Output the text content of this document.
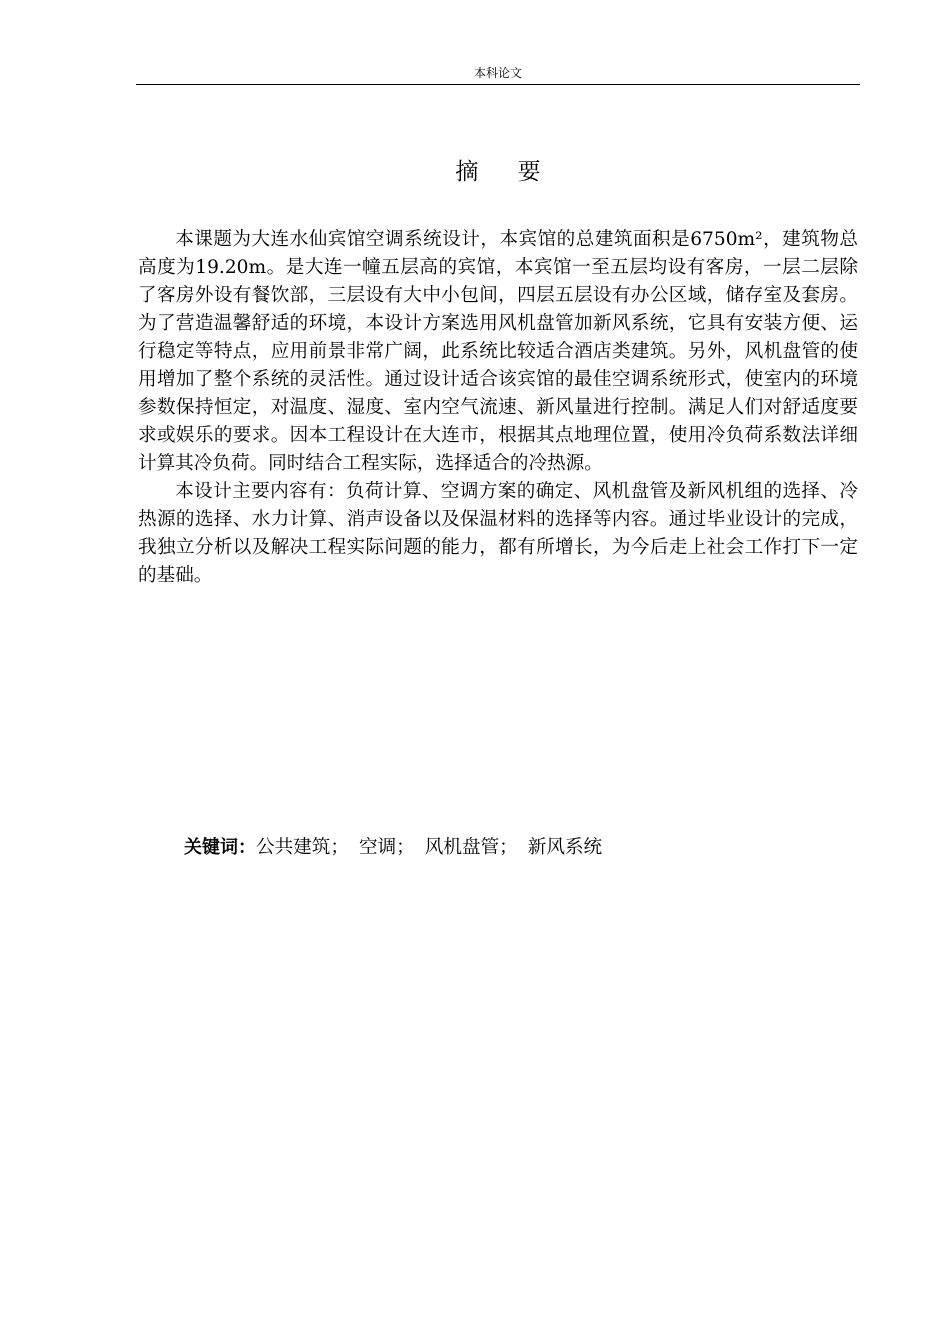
本科论文
摘 要

本课题为大连水仙宾馆空调系统设计，本宾馆的总建筑面积是6750m²，建筑物总高度为19.20m。是大连一幢五层高的宾馆，本宾馆一至五层均设有客房，一层二层除了客房外设有餐饮部，三层设有大中小包间，四层五层设有办公区域，储存室及套房。为了营造温馨舒适的环境，本设计方案选用风机盘管加新风系统，它具有安装方便、运行稳定等特点，应用前景非常广阔，此系统比较适合酒店类建筑。另外，风机盘管的使用增加了整个系统的灵活性。通过设计适合该宾馆的最佳空调系统形式，使室内的环境参数保持恒定，对温度、湿度、室内空气流速、新风量进行控制。满足人们对舒适度要求或娱乐的要求。因本工程设计在大连市，根据其点地理位置，使用冷负荷系数法详细计算其冷负荷。同时结合工程实际，选择适合的冷热源。

本设计主要内容有：负荷计算、空调方案的确定、风机盘管及新风机组的选择、冷热源的选择、水力计算、消声设备以及保温材料的选择等内容。通过毕业设计的完成，我独立分析以及解决工程实际问题的能力，都有所增长，为今后走上社会工作打下一定的基础。

关键词：公共建筑； 空调； 风机盘管； 新风系统
